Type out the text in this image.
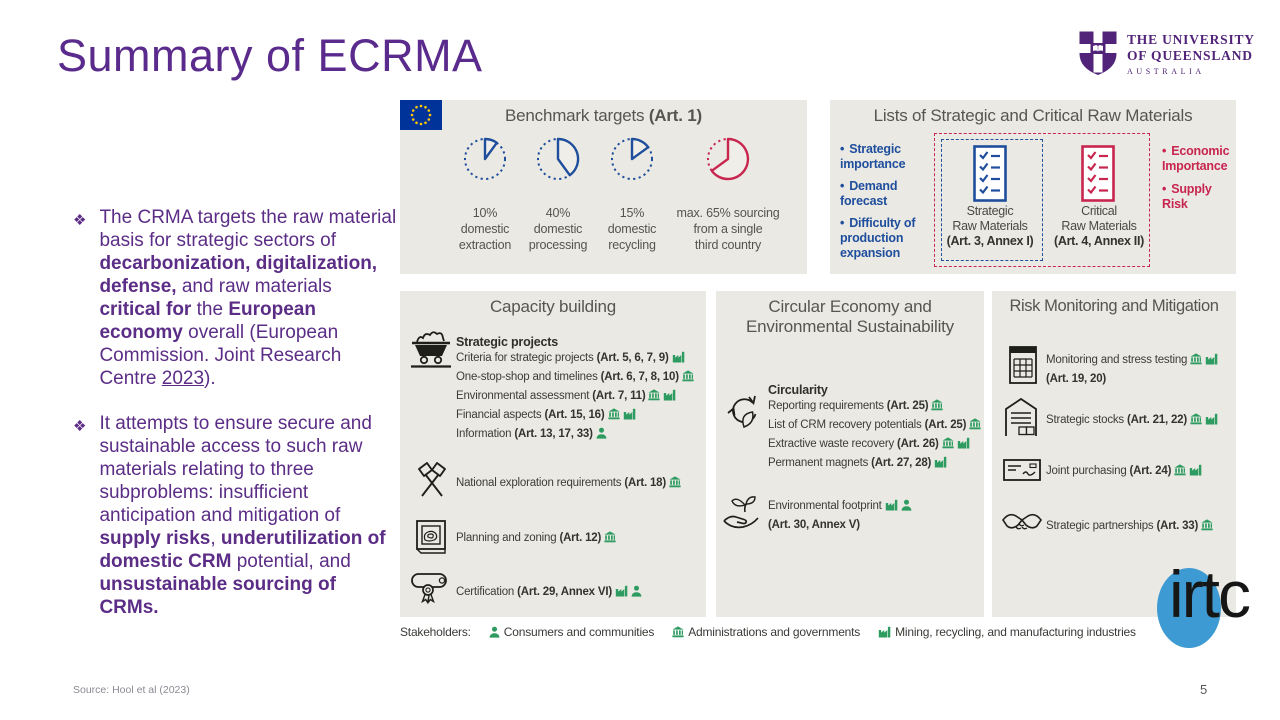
Summary of ECRMA	THE UNIVERSITY
OF QUEENSLAND
AUSTRALIA
❖ The CRMA targets the raw material basis for strategic sectors of decarbonization, digitalization, defense, and raw materials critical for the European economy overall (European Commission. Joint Research Centre 2023).
❖ It attempts to ensure secure and sustainable access to such raw materials relating to three subproblems: insufficient anticipation and mitigation of supply risks, underutilization of domestic CRM potential, and unsustainable sourcing of CRMs.
Benchmark targets (Art. 1)
10%
domestic
extraction
40%
domestic
processing
15%
domestic
recycling
max. 65% sourcing
from a single
third country
Lists of Strategic and Critical Raw Materials
• Strategic importance
• Demand forecast
• Difficulty of production expansion
Strategic
Raw Materials
(Art. 3, Annex I)
Critical
Raw Materials
(Art. 4, Annex II)
• Economic Importance
• Supply Risk
Capacity building
Strategic projects
Criteria for strategic projects (Art. 5, 6, 7, 9)
One-stop-shop and timelines (Art. 6, 7, 8, 10)
Environmental assessment (Art. 7, 11)
Financial aspects (Art. 15, 16)
Information (Art. 13, 17, 33)
National exploration requirements (Art. 18)
Planning and zoning (Art. 12)
Certification (Art. 29, Annex VI)
Circular Economy and
Environmental Sustainability
Circularity
Reporting requirements (Art. 25)
List of CRM recovery potentials (Art. 25)
Extractive waste recovery (Art. 26)
Permanent magnets (Art. 27, 28)
Environmental footprint
(Art. 30, Annex V)
Risk Monitoring and Mitigation
Monitoring and stress testing
(Art. 19, 20)
Strategic stocks (Art. 21, 22)
Joint purchasing (Art. 24)
Strategic partnerships (Art. 33)
Stakeholders:	Consumers and communities	Administrations and governments	Mining, recycling, and manufacturing industries
Source: Hool et al (2023)	5
irtc
